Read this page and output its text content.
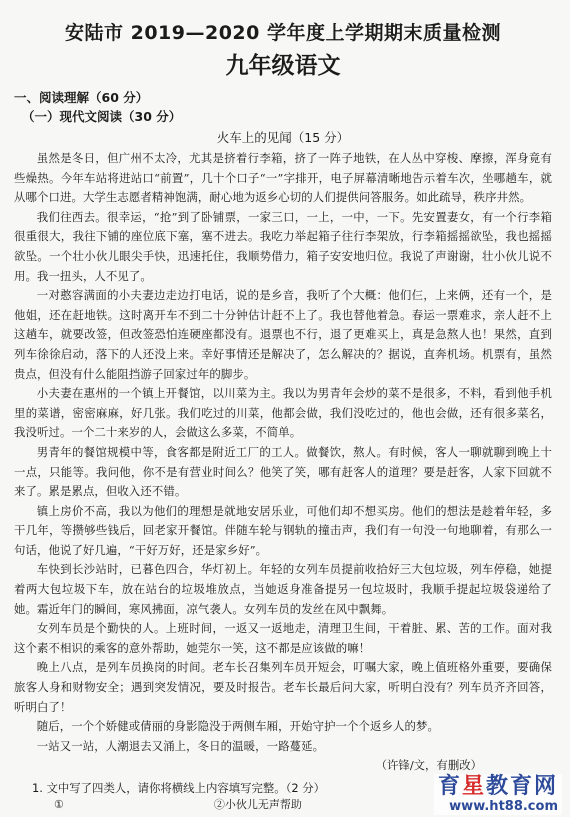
安陆市 2019—2020 学年度上学期期末质量检测
九年级语文
一、阅读理解（60 分）
（一）现代文阅读（30 分）
火车上的见闻（15 分）

虽然是冬日，但广州不太冷，尤其是挤着行李箱，挤了一阵子地铁，在人丛中穿梭、摩擦，浑身竟有些燥热。今年车站将进站口“前置”，几十个口子“一”字排开，电子屏幕清晰地告示着车次，坐哪趟车，就从哪个口进。大学生志愿者精神饱满，耐心地为返乡心切的人们提供问答服务。如此疏导，秩序井然。

我们往西去。很幸运，“抢”到了卧铺票，一家三口，一上，一中，一下。先安置妻女，有一个行李箱很重很大，我往下铺的座位底下塞，塞不进去。我吃力举起箱子往行李架放，行李箱摇摇欲坠，我也摇摇欲坠。一个壮小伙儿眼尖手快，迅速托住，我顺势借力，箱子安安地归位。我说了声谢谢，壮小伙儿说不用。我一扭头，人不见了。

一对憨容满面的小夫妻边走边打电话，说的是乡音，我听了个大概：他们仨，上来俩，还有一个，是他姐，还在赶地铁。这时离开车不到二十分钟估计赶不上了。我也替他着急。春运一票难求，亲人赶不上这趟车，就要改签，但改签恐怕连硬座都没有。退票也不行，退了更难买上，真是急熬人也！果然，直到列车徐徐启动，落下的人还没上来。幸好事情还是解决了，怎么解决的？据说，直奔机场。机票有，虽然贵点，但没有什么能阻挡游子回家过年的脚步。

小夫妻在惠州的一个镇上开餐馆，以川菜为主。我以为男青年会炒的菜不是很多，不料，看到他手机里的菜谱，密密麻麻，好几张。我们吃过的川菜，他都会做，我们没吃过的，他也会做，还有很多菜名，我没听过。一个二十来岁的人，会做这么多菜，不简单。

男青年的餐馆规模中等，食客都是附近工厂的工人。做餐饮，熬人。有时候，客人一聊就聊到晚上十一点，只能等。我问他，你不是有营业时间么？他笑了笑，哪有赶客人的道理？要是赶客，人家下回就不来了。累是累点，但收入还不错。

镇上房价不高，我以为他们的理想是就地安居乐业，可他们却不想买房。他们的想法是趁着年轻，多干几年，等攒够些钱后，回老家开餐馆。伴随车轮与钢轨的撞击声，我们有一句没一句地聊着，有那么一句话，他说了好几遍，“干好万好，还是家乡好”。

车快到长沙站时，已暮色四合，华灯初上。年轻的女列车员提前收拾好三大包垃圾，列车停稳，她提着两大包垃圾下车，放在站台的垃圾堆放点，当她返身准备提另一包垃圾时，我顺手提起垃圾袋递给了她。霜近年门的瞬间，寒风拂面，凉气袭人。女列车员的发丝在风中飘舞。

女列车员是个勤快的人。上班时间，一返又一返地走，清理卫生间，干着脏、累、苦的工作。面对我这个素不相识的乘客的意外帮助，她莞尔一笑，这不都是应该做的嘛！

晚上八点，是列车员换岗的时间。老车长召集列车员开短会，叮嘱大家，晚上值班格外重要，要确保旅客人身和财物安全；遇到突发情况，要及时报告。老车长最后问大家，听明白没有？列车员齐齐回答，听明白了！

随后，一个个娇健或倩丽的身影隐没于两侧车厢，开始守护一个个返乡人的梦。

一站又一站，人潮退去又涌上，冬日的温暖，一路蔓延。

（许锋/文，有删改）

1. 文中写了四类人，请你将横线上内容填写完整。（2 分）
①	②小伙儿无声帮助
育星教育网
www.ht88.com
